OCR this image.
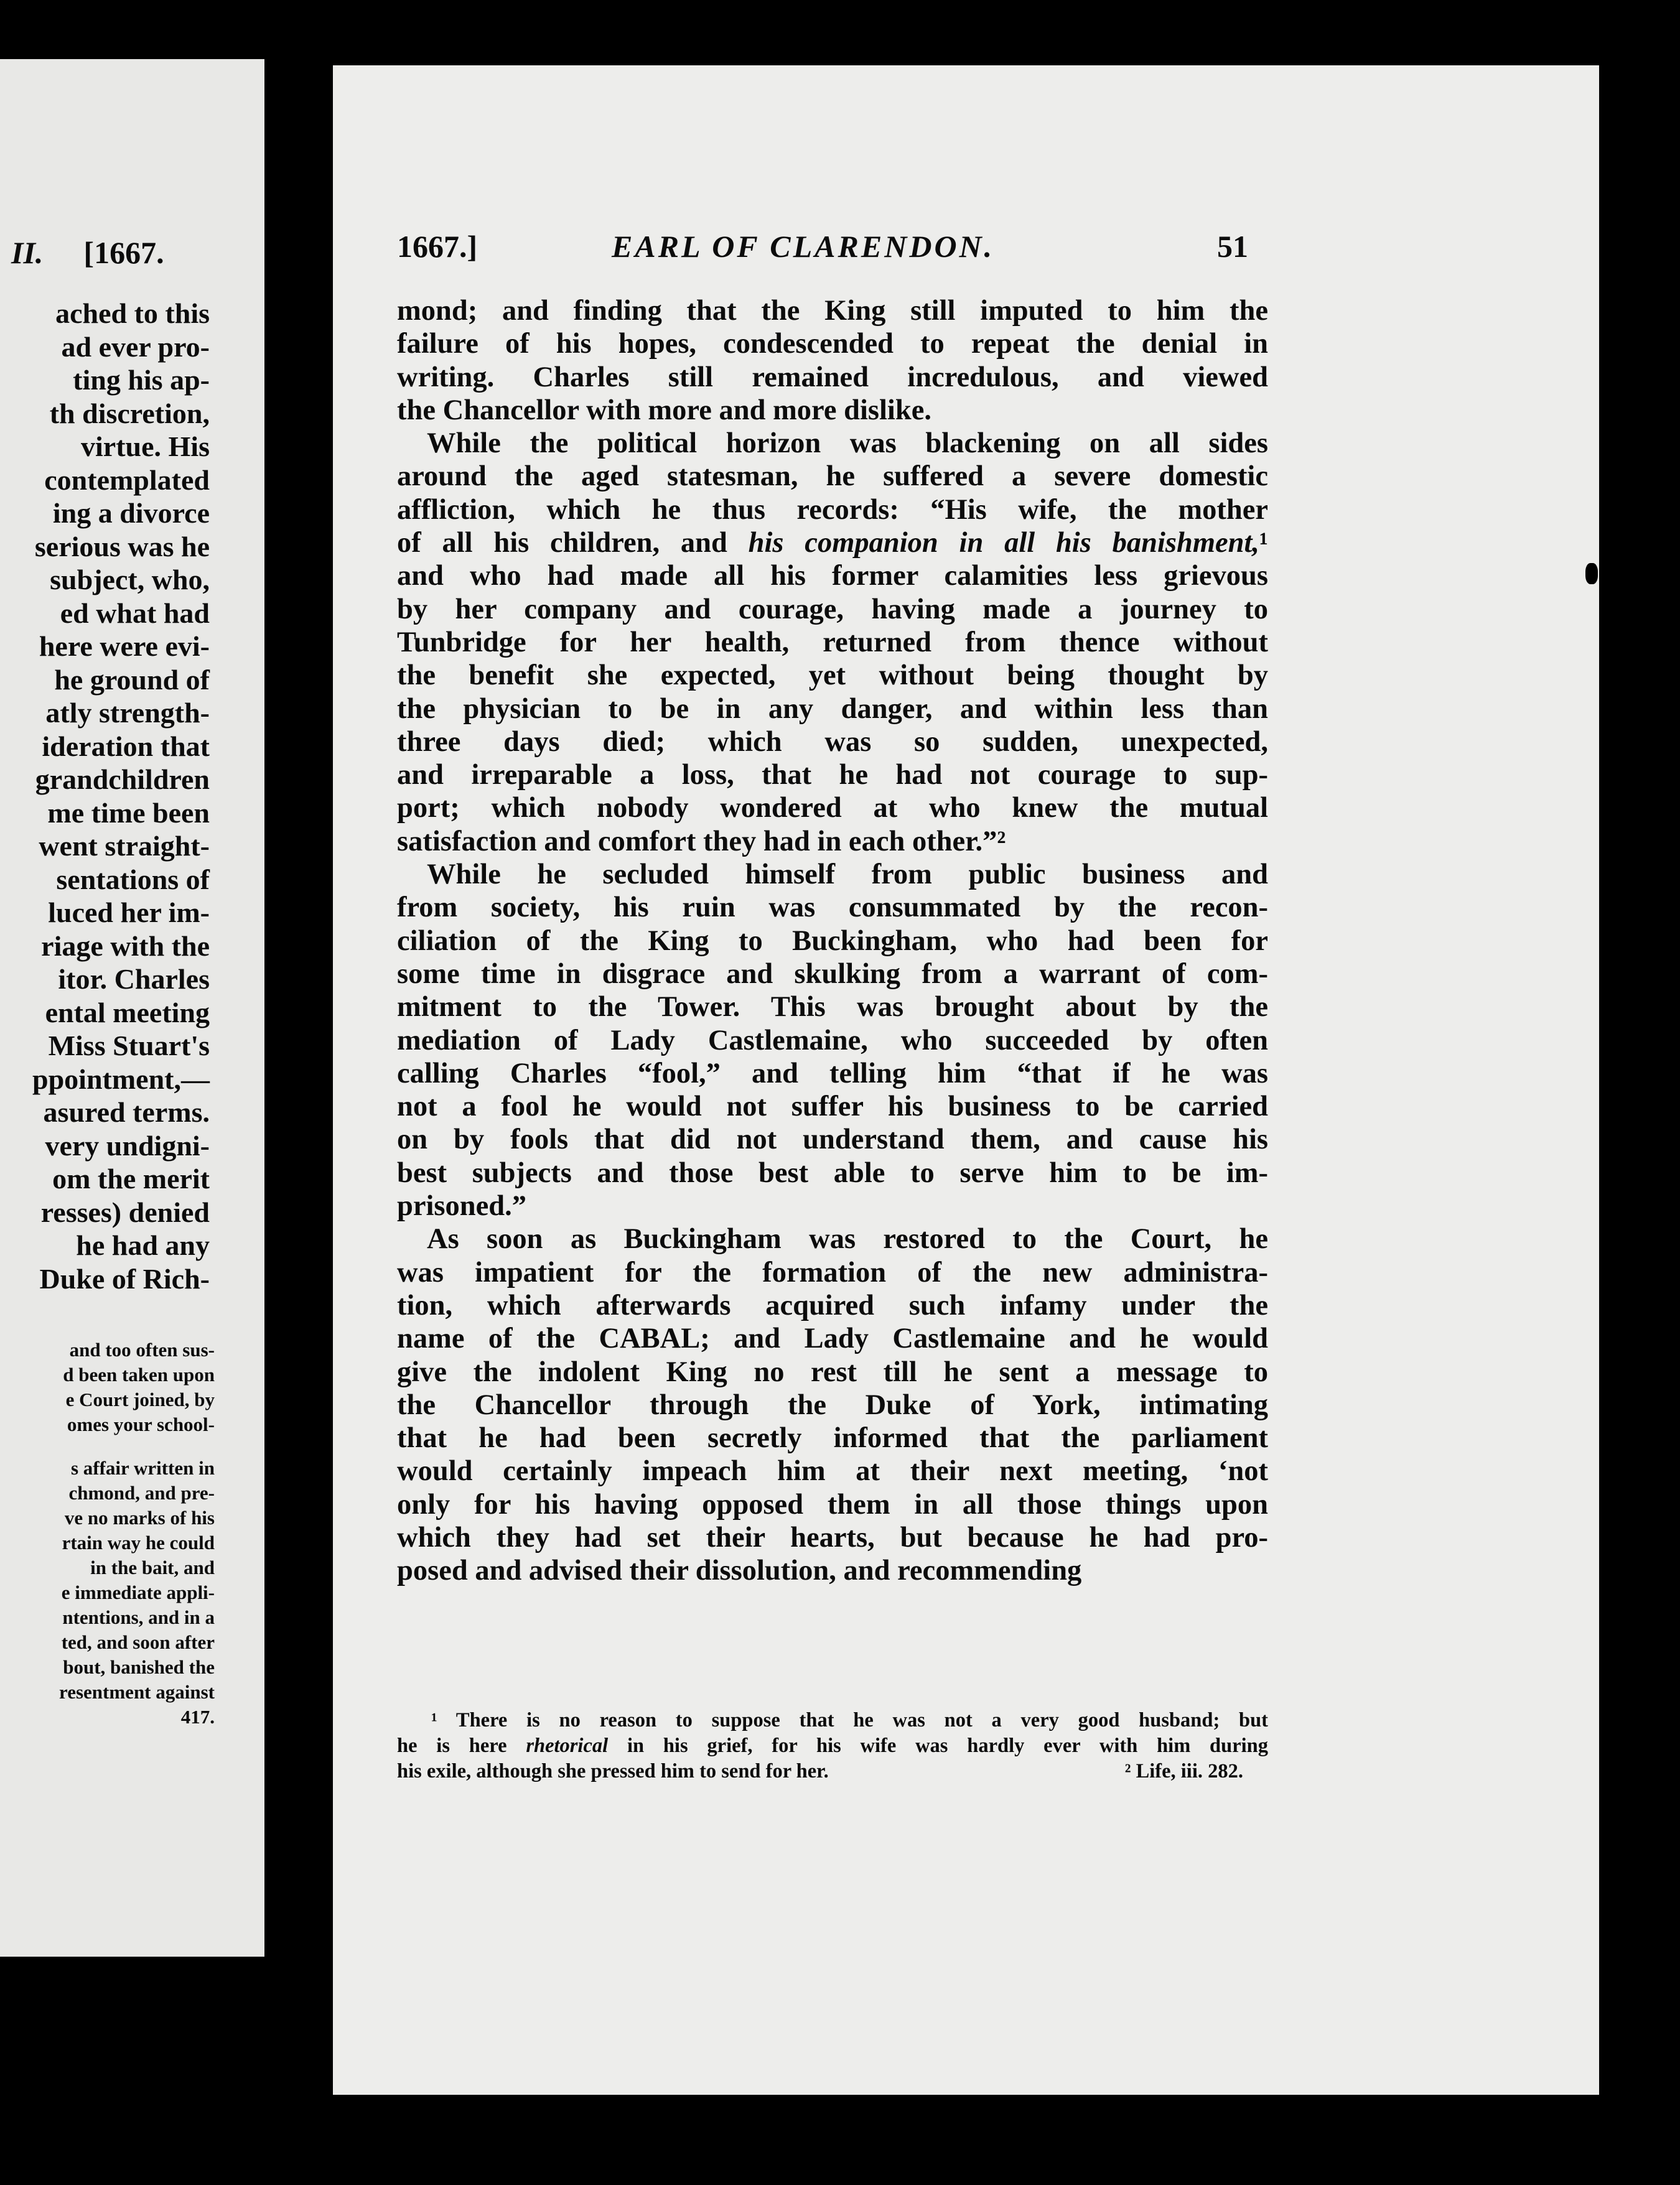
II. [1667.
ached to this
ad ever pro-
ting his ap-
th discretion,
virtue. His
contemplated
ing a divorce
serious was he
subject, who,
ed what had
here were evi-
he ground of
atly strength-
ideration that
grandchildren
me time been
went straight-
sentations of
luced her im-
riage with the
itor. Charles
ental meeting
Miss Stuart's
ppointment,—
asured terms.
very undigni-
om the merit
resses) denied
he had any
Duke of Rich-
and too often sus-
d been taken upon
e Court joined, by
omes your school-
s affair written in
chmond, and pre-
ve no marks of his
rtain way he could
in the bait, and
e immediate appli-
ntentions, and in a
ted, and soon after
bout, banished the
resentment against
417.
1667.]	EARL OF CLARENDON.	51
mond; and finding that the King still imputed to him the
failure of his hopes, condescended to repeat the denial in
writing. Charles still remained incredulous, and viewed
the Chancellor with more and more dislike.
While the political horizon was blackening on all sides
around the aged statesman, he suffered a severe domestic
affliction, which he thus records: “His wife, the mother
of all his children, and his companion in all his banishment,¹
and who had made all his former calamities less grievous
by her company and courage, having made a journey to
Tunbridge for her health, returned from thence without
the benefit she expected, yet without being thought by
the physician to be in any danger, and within less than
three days died; which was so sudden, unexpected,
and irreparable a loss, that he had not courage to sup-
port; which nobody wondered at who knew the mutual
satisfaction and comfort they had in each other.”²
While he secluded himself from public business and
from society, his ruin was consummated by the recon-
ciliation of the King to Buckingham, who had been for
some time in disgrace and skulking from a warrant of com-
mitment to the Tower. This was brought about by the
mediation of Lady Castlemaine, who succeeded by often
calling Charles “fool,” and telling him “that if he was
not a fool he would not suffer his business to be carried
on by fools that did not understand them, and cause his
best subjects and those best able to serve him to be im-
prisoned.”
As soon as Buckingham was restored to the Court, he
was impatient for the formation of the new administra-
tion, which afterwards acquired such infamy under the
name of the CABAL; and Lady Castlemaine and he would
give the indolent King no rest till he sent a message to
the Chancellor through the Duke of York, intimating
that he had been secretly informed that the parliament
would certainly impeach him at their next meeting, ‘not
only for his having opposed them in all those things upon
which they had set their hearts, but because he had pro-
posed and advised their dissolution, and recommending
¹ There is no reason to suppose that he was not a very good husband; but
he is here rhetorical in his grief, for his wife was hardly ever with him during
his exile, although she pressed him to send for her.	² Life, iii. 282.
